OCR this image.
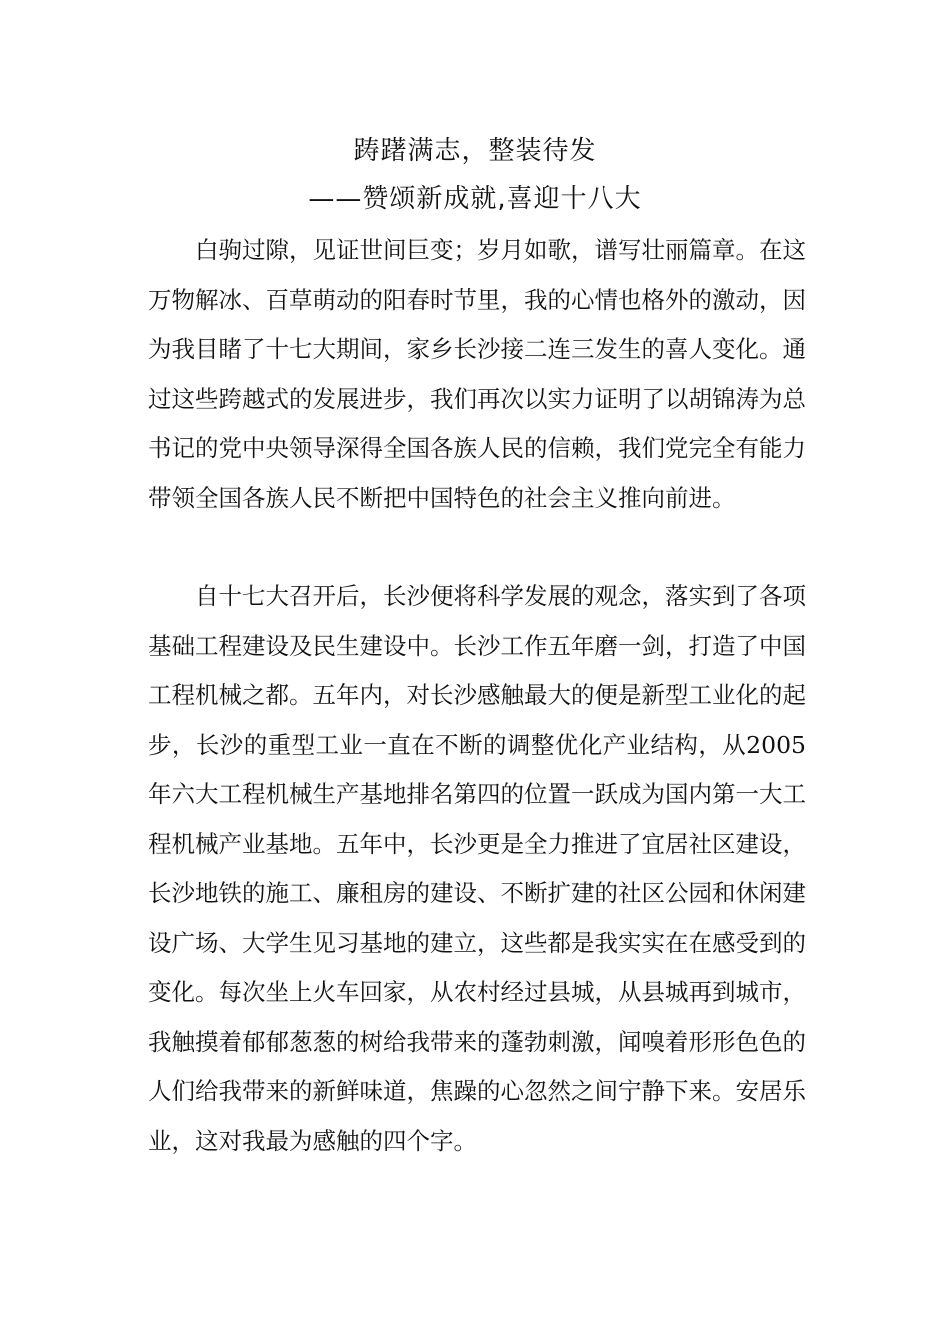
踌躇满志，整装待发
——赞颂新成就,喜迎十八大

白驹过隙，见证世间巨变；岁月如歌，谱写壮丽篇章。在这万物解冰、百草萌动的阳春时节里，我的心情也格外的激动，因为我目睹了十七大期间，家乡长沙接二连三发生的喜人变化。通过这些跨越式的发展进步，我们再次以实力证明了以胡锦涛为总书记的党中央领导深得全国各族人民的信赖，我们党完全有能力带领全国各族人民不断把中国特色的社会主义推向前进。

自十七大召开后，长沙便将科学发展的观念，落实到了各项基础工程建设及民生建设中。长沙工作五年磨一剑，打造了中国工程机械之都。五年内，对长沙感触最大的便是新型工业化的起步，长沙的重型工业一直在不断的调整优化产业结构，从2005年六大工程机械生产基地排名第四的位置一跃成为国内第一大工程机械产业基地。五年中，长沙更是全力推进了宜居社区建设，长沙地铁的施工、廉租房的建设、不断扩建的社区公园和休闲建设广场、大学生见习基地的建立，这些都是我实实在在感受到的变化。每次坐上火车回家，从农村经过县城，从县城再到城市，我触摸着郁郁葱葱的树给我带来的蓬勃刺激，闻嗅着形形色色的人们给我带来的新鲜味道，焦躁的心忽然之间宁静下来。安居乐业，这对我最为感触的四个字。
